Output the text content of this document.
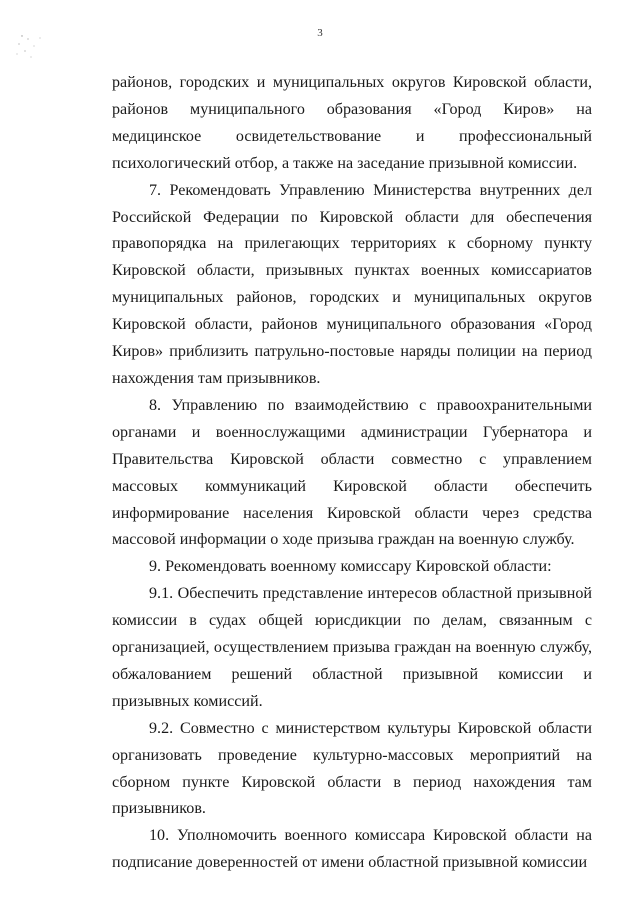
3

районов, городских и муниципальных округов Кировской области, районов муниципального образования «Город Киров» на медицинское освидетельствование и профессиональный психологический отбор, а также на заседание призывной комиссии.

7. Рекомендовать Управлению Министерства внутренних дел Российской Федерации по Кировской области для обеспечения правопорядка на прилегающих территориях к сборному пункту Кировской области, призывных пунктах военных комиссариатов муниципальных районов, городских и муниципальных округов Кировской области, районов муниципального образования «Город Киров» приблизить патрульно-постовые наряды полиции на период нахождения там призывников.

8. Управлению по взаимодействию с правоохранительными органами и военнослужащими администрации Губернатора и Правительства Кировской области совместно с управлением массовых коммуникаций Кировской области обеспечить информирование населения Кировской области через средства массовой информации о ходе призыва граждан на военную службу.

9. Рекомендовать военному комиссару Кировской области:

9.1. Обеспечить представление интересов областной призывной комиссии в судах общей юрисдикции по делам, связанным с организацией, осуществлением призыва граждан на военную службу, обжалованием решений областной призывной комиссии и призывных комиссий.

9.2. Совместно с министерством культуры Кировской области организовать проведение культурно-массовых мероприятий на сборном пункте Кировской области в период нахождения там призывников.

10. Уполномочить военного комиссара Кировской области на подписание доверенностей от имени областной призывной комиссии
